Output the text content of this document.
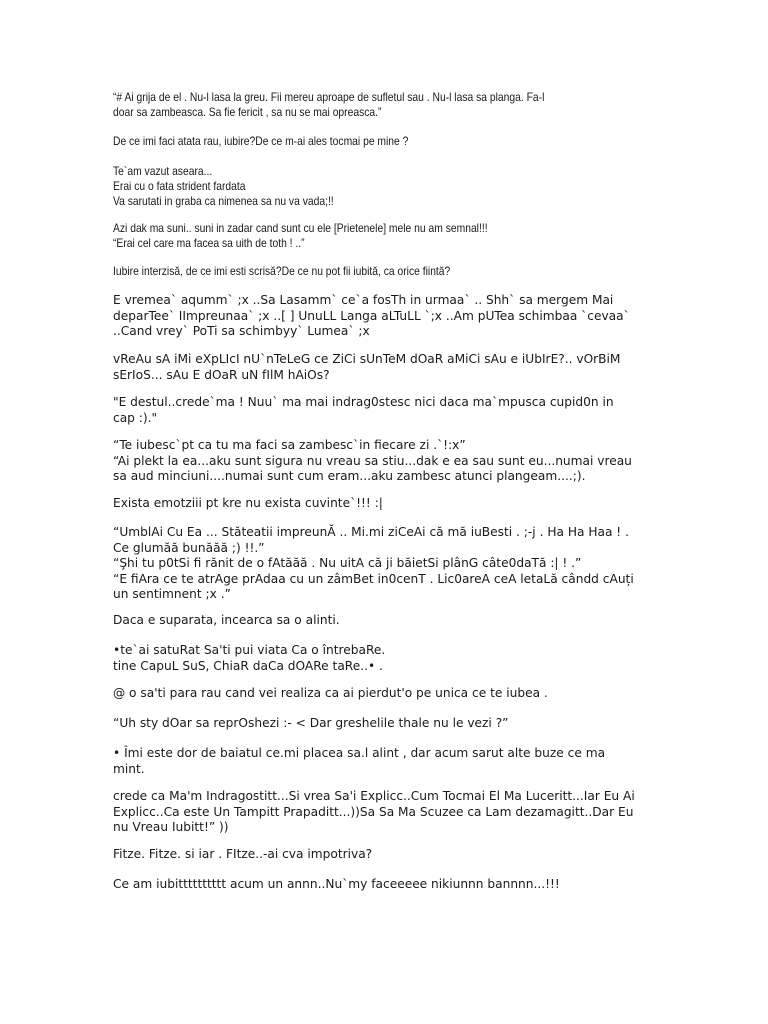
“# Ai grija de el . Nu-l lasa la greu. Fii mereu aproape de sufletul sau . Nu-l lasa sa planga. Fa-l
doar sa zambeasca. Sa fie fericit , sa nu se mai opreasca.”

De ce imi faci atata rau, iubire?De ce m-ai ales tocmai pe mine ?

Te`am vazut aseara...
Erai cu o fata strident fardata
Va sarutati in graba ca nimenea sa nu va vada;!!

Azi dak ma suni.. suni in zadar cand sunt cu ele [Prietenele] mele nu am semnal!!!
“Erai cel care ma facea sa uith de toth ! ..”

Iubire interzisă, de ce imi esti scrisă?De ce nu pot fii iubită, ca orice fiintă?

E vremea` aqumm` ;x ..Sa Lasamm` ce`a fosTh in urmaa` .. Shh` sa mergem Mai
deparTee` IImpreunaa` ;x ..[ ] UnuLL Langa aLTuLL `;x ..Am pUTea schimbaa `cevaa`
..Cand vrey` PoTi sa schimbyy` Lumea` ;x

vReAu sA iMi eXpLIcI nU`nTeLeG ce ZiCi sUnTeM dOaR aMiCi sAu e iUbIrE?.. vOrBiM
sErIoS... sAu E dOaR uN fIlM hAiOs?

"E destul..crede`ma ! Nuu` ma mai indrag0stesc nici daca ma`mpusca cupid0n in
cap :)."

“Te iubesc`pt ca tu ma faci sa zambesc`in fiecare zi .`!:x”
“Ai plekt la ea...aku sunt sigura nu vreau sa stiu...dak e ea sau sunt eu...numai vreau
sa aud minciuni....numai sunt cum eram...aku zambesc atunci plangeam....;).

Exista emotziii pt kre nu exista cuvinte`!!! :|

“UmblAi Cu Ea ... Stăteatii impreunĂ .. Mi.mi ziCeAi că mă iuBesti . ;-j . Ha Ha Haa ! .
Ce glumăă bunăăă ;) !!.”
“Şhi tu p0tSi fi rănit de o fAtăăă . Nu uitA că ji băietSi plânG câte0daTă :| ! .”
“E fiAra ce te atrAge prAdaa cu un zâmBet in0cenT . Lic0areA ceA letaLă cândd cAuți
un sentimnent ;x .”

Daca e suparata, incearca sa o alinti.

•te`ai satuRat Sa'ti pui viata Ca o întrebaRe.
tine CapuL SuS, ChiaR daCa dOARe taRe..• .

@ o sa'ti para rau cand vei realiza ca ai pierdut'o pe unica ce te iubea .

“Uh sty dOar sa reprOshezi :- < Dar greshelile thale nu le vezi ?”

• Îmi este dor de baiatul ce.mi placea sa.l alint , dar acum sarut alte buze ce ma
mint.

crede ca Ma'm Indragostitt...Si vrea Sa'i Explicc..Cum Tocmai El Ma Luceritt...Iar Eu Ai
Explicc..Ca este Un Tampitt Prapaditt...))Sa Sa Ma Scuzee ca Lam dezamagitt..Dar Eu
nu Vreau Iubitt!” ))

Fitze. Fitze. si iar . FItze..-ai cva impotriva?

Ce am iubitttttttttt acum un annn..Nu`my faceeeee nikiunnn bannnn...!!!
